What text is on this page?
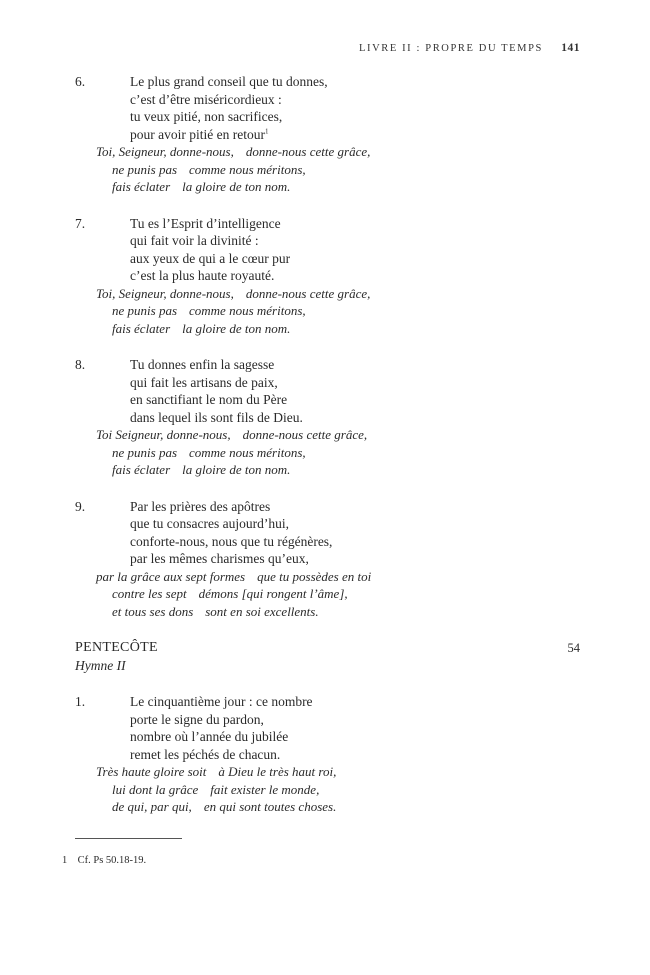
LIVRE II : PROPRE DU TEMPS 141
6.	Le plus grand conseil que tu donnes,
c’est d’être miséricordieux :
tu veux pitié, non sacrifices,
pour avoir pitié en retour$^1$
Toi, Seigneur, donne-nous, donne-nous cette grâce,
ne punis pas comme nous méritons,
fais éclater la gloire de ton nom.
7.	Tu es l’Esprit d’intelligence
qui fait voir la divinité :
aux yeux de qui a le cœur pur
c’est la plus haute royauté.
Toi, Seigneur, donne-nous, donne-nous cette grâce,
ne punis pas comme nous méritons,
fais éclater la gloire de ton nom.
8.	Tu donnes enfin la sagesse
qui fait les artisans de paix,
en sanctifiant le nom du Père
dans lequel ils sont fils de Dieu.
Toi Seigneur, donne-nous, donne-nous cette grâce,
ne punis pas comme nous méritons,
fais éclater la gloire de ton nom.
9.	Par les prières des apôtres
que tu consacres aujourd’hui,
conforte-nous, nous que tu régénères,
par les mêmes charismes qu’eux,
par la grâce aux sept formes que tu possèdes en toi
contre les sept démons [qui rongent l’âme],
et tous ses dons sont en soi excellents.
PENTECÔTE
Hymne II
54
1.	Le cinquantième jour : ce nombre
porte le signe du pardon,
nombre où l’année du jubilée
remet les péchés de chacun.
Très haute gloire soit à Dieu le très haut roi,
lui dont la grâce fait exister le monde,
de qui, par qui, en qui sont toutes choses.
1 Cf. Ps 50.18-19.
